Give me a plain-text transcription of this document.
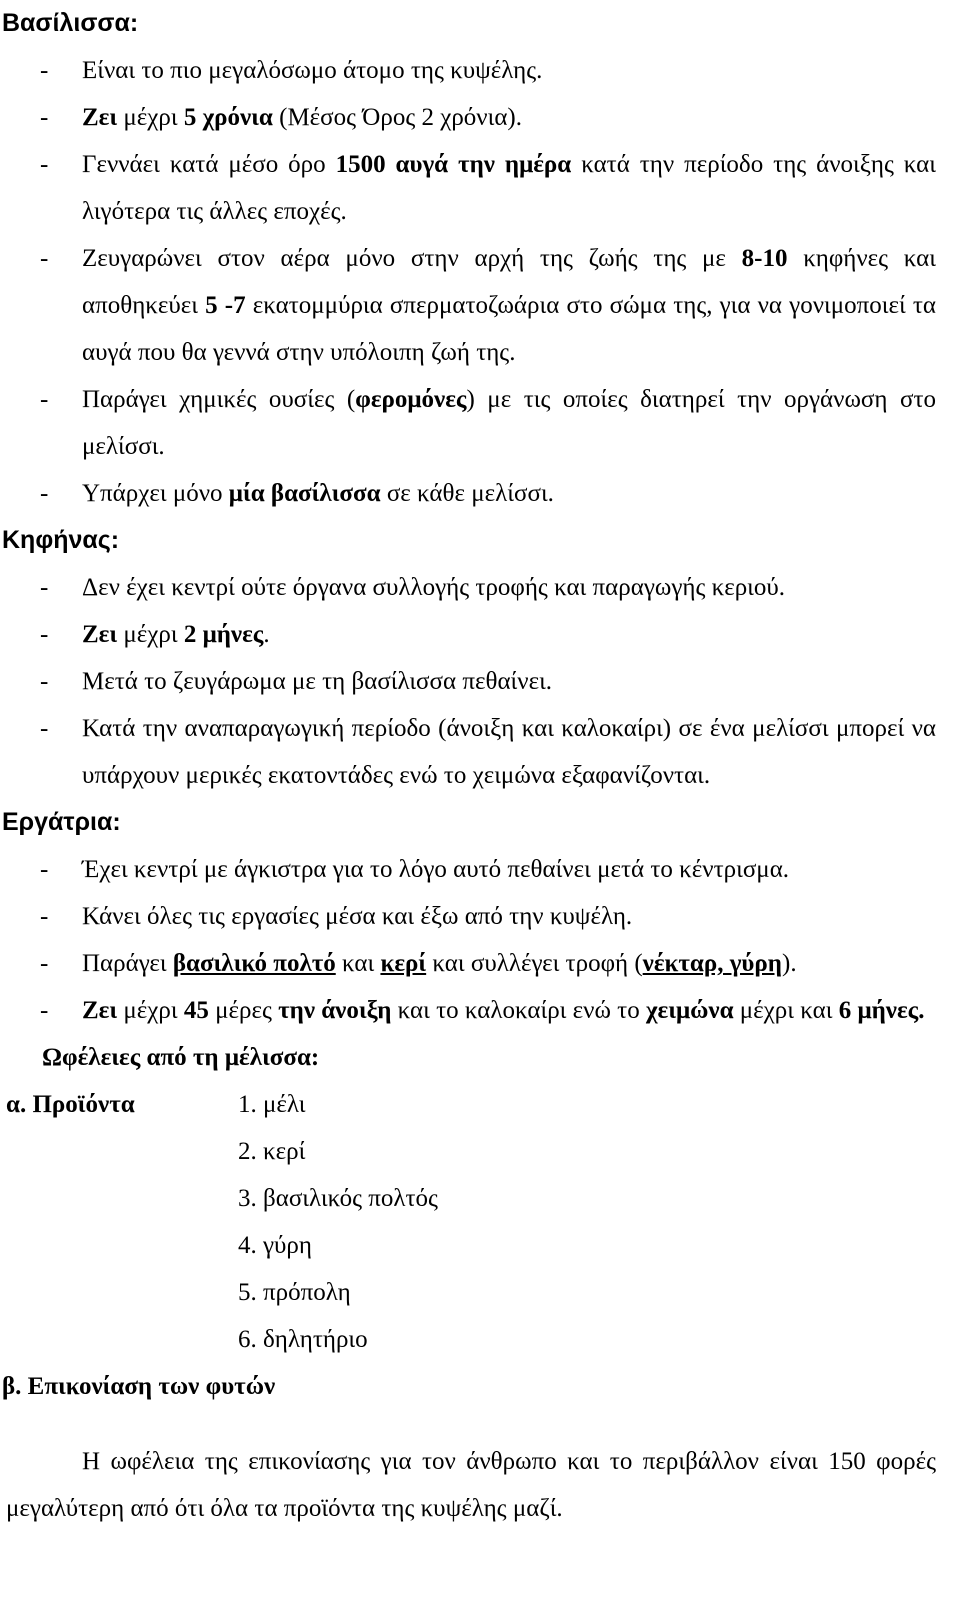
Βασίλισσα:
- Είναι το πιο μεγαλόσωμο άτομο της κυψέλης.
- Ζει μέχρι 5 χρόνια (Μέσος Όρος 2 χρόνια).
- Γεννάει κατά μέσο όρο 1500 αυγά την ημέρα κατά την περίοδο της άνοιξης και λιγότερα τις άλλες εποχές.
- Ζευγαρώνει στον αέρα μόνο στην αρχή της ζωής της με 8-10 κηφήνες και αποθηκεύει 5 -7 εκατομμύρια σπερματοζωάρια στο σώμα της, για να γονιμοποιεί τα αυγά που θα γεννά στην υπόλοιπη ζωή της.
- Παράγει χημικές ουσίες (φερομόνες) με τις οποίες διατηρεί την οργάνωση στο μελίσσι.
- Υπάρχει μόνο μία βασίλισσα σε κάθε μελίσσι.
Κηφήνας:
- Δεν έχει κεντρί ούτε όργανα συλλογής τροφής και παραγωγής κεριού.
- Ζει μέχρι 2 μήνες.
- Μετά το ζευγάρωμα με τη βασίλισσα πεθαίνει.
- Κατά την αναπαραγωγική περίοδο (άνοιξη και καλοκαίρι) σε ένα μελίσσι μπορεί να υπάρχουν μερικές εκατοντάδες ενώ το χειμώνα εξαφανίζονται.
Εργάτρια:
- Έχει κεντρί με άγκιστρα για το λόγο αυτό πεθαίνει μετά το κέντρισμα.
- Κάνει όλες τις εργασίες μέσα και έξω από την κυψέλη.
- Παράγει βασιλικό πολτό και κερί και συλλέγει τροφή (νέκταρ, γύρη).
- Ζει μέχρι 45 μέρες την άνοιξη και το καλοκαίρι ενώ το χειμώνα μέχρι και 6 μήνες.
Ωφέλειες από τη μέλισσα:
α. Προϊόντα	1. μέλι
2. κερί
3. βασιλικός πολτός
4. γύρη
5. πρόπολη
6. δηλητήριο
β. Επικονίαση των φυτών
Η ωφέλεια της επικονίασης για τον άνθρωπο και το περιβάλλον είναι 150 φορές μεγαλύτερη από ότι όλα τα προϊόντα της κυψέλης μαζί.
